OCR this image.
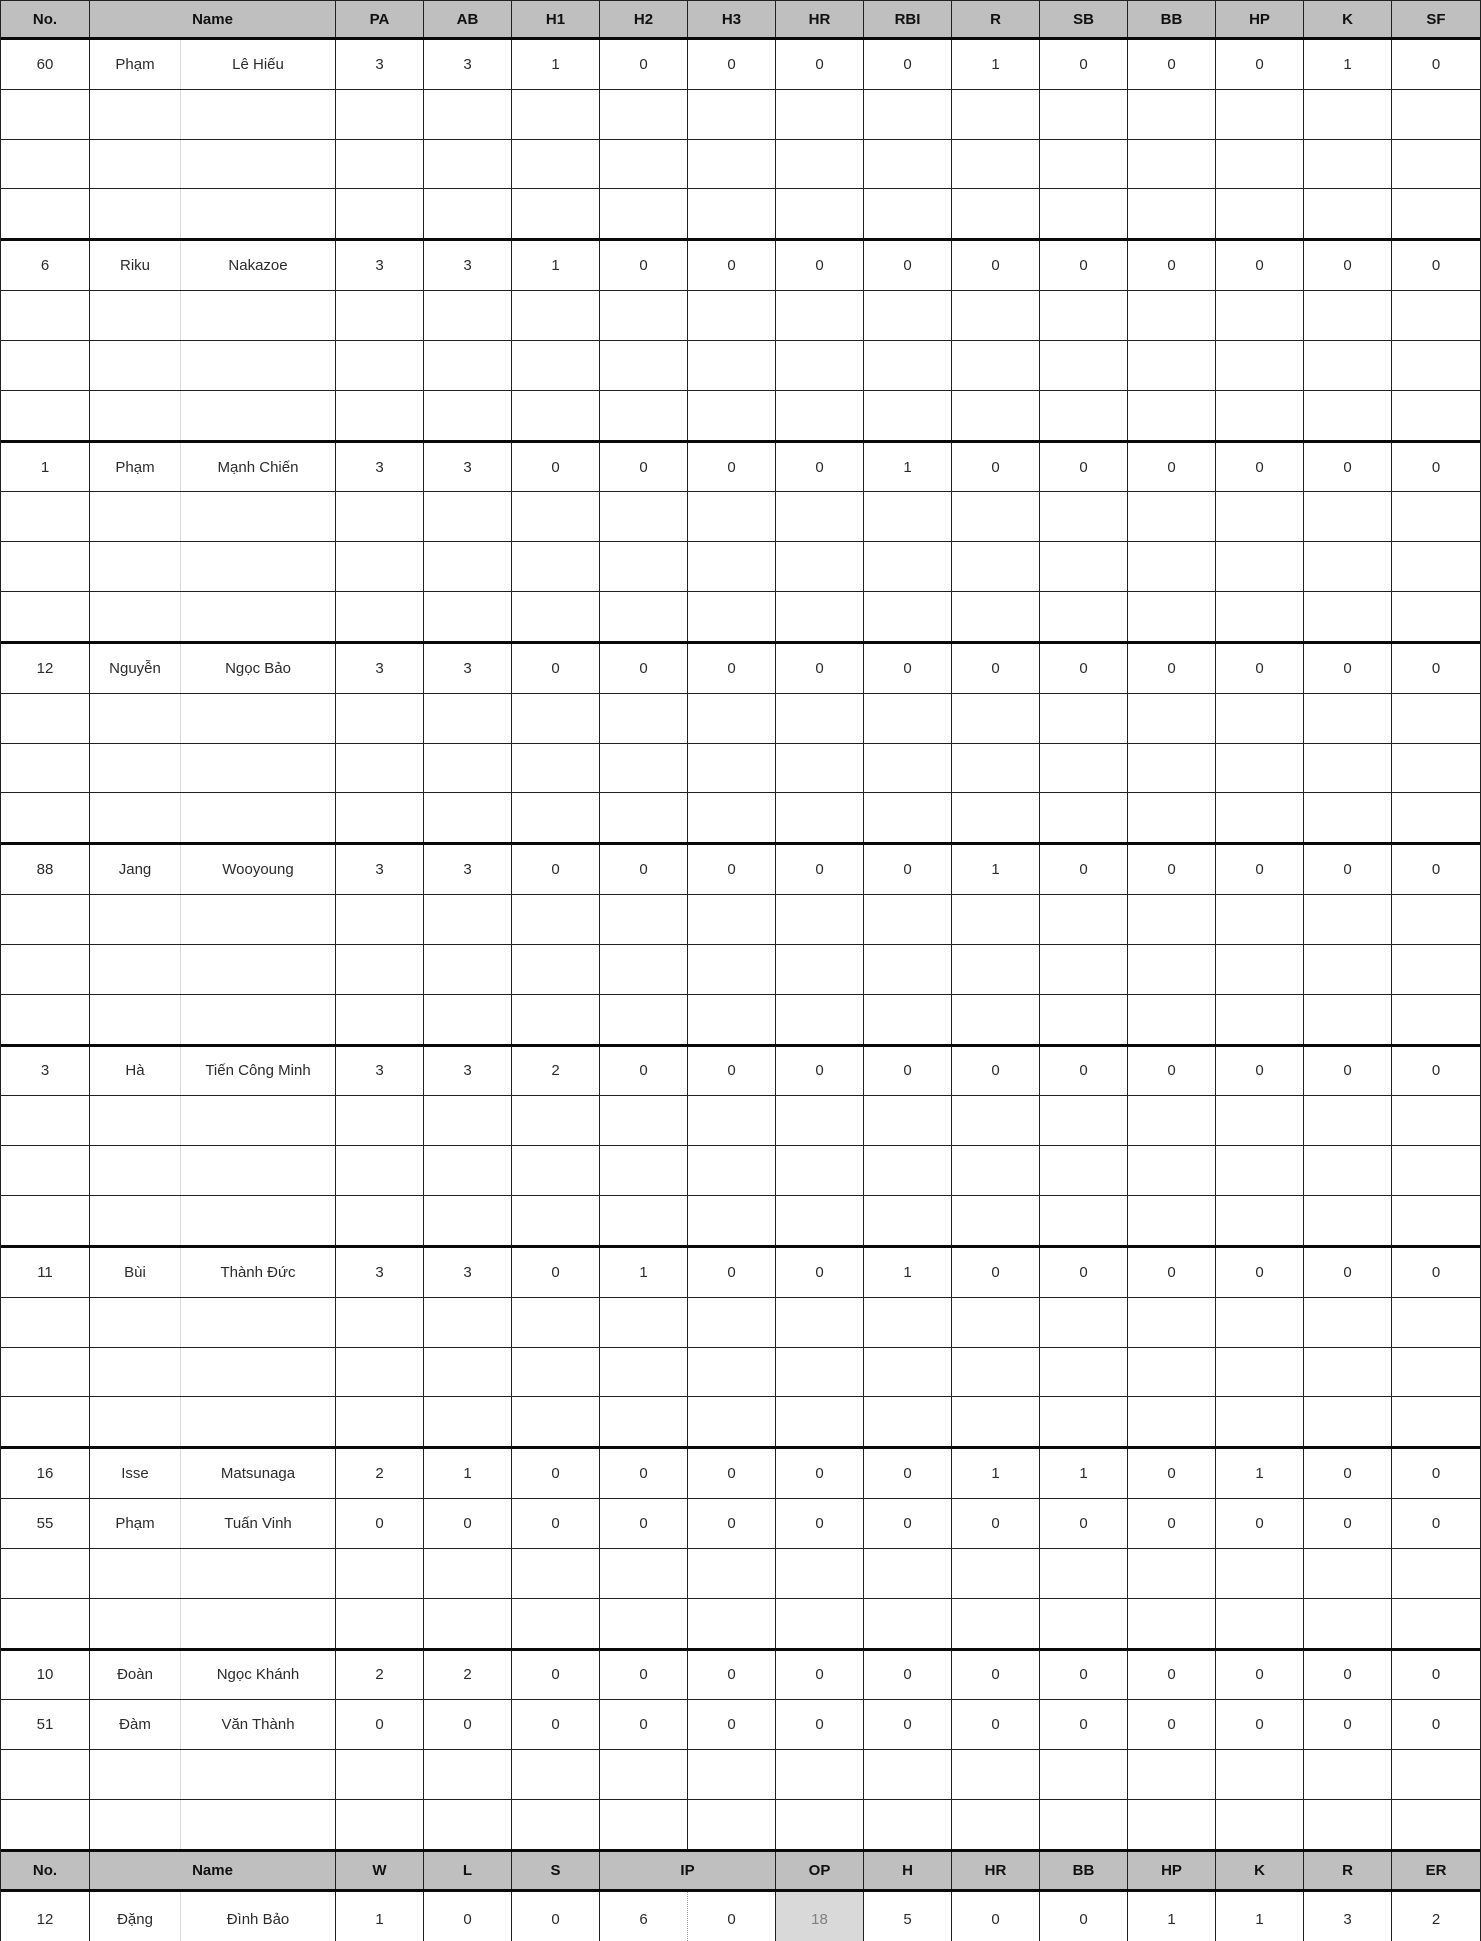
No.	Name	PA	AB	H1	H2	H3	HR	RBI	R	SB	BB	HP	K	SF
60	Phạm	Lê Hiếu	3	3	1	0	0	0	0	1	0	0	0	1	0
6	Riku	Nakazoe	3	3	1	0	0	0	0	0	0	0	0	0	0
1	Phạm	Mạnh Chiến	3	3	0	0	0	0	1	0	0	0	0	0	0
12	Nguyễn	Ngọc Bảo	3	3	0	0	0	0	0	0	0	0	0	0	0
88	Jang	Wooyoung	3	3	0	0	0	0	0	1	0	0	0	0	0
3	Hà	Tiến Công Minh	3	3	2	0	0	0	0	0	0	0	0	0	0
11	Bùi	Thành Đức	3	3	0	1	0	0	1	0	0	0	0	0	0
16	Isse	Matsunaga	2	1	0	0	0	0	0	1	1	0	1	0	0
55	Phạm	Tuấn Vinh	0	0	0	0	0	0	0	0	0	0	0	0	0
10	Đoàn	Ngọc Khánh	2	2	0	0	0	0	0	0	0	0	0	0	0
51	Đàm	Văn Thành	0	0	0	0	0	0	0	0	0	0	0	0	0
No.	Name	W	L	S	IP	OP	H	HR	BB	HP	K	R	ER
12	Đặng	Đình Bảo	1	0	0	6	0	18	5	0	0	1	1	3	2
